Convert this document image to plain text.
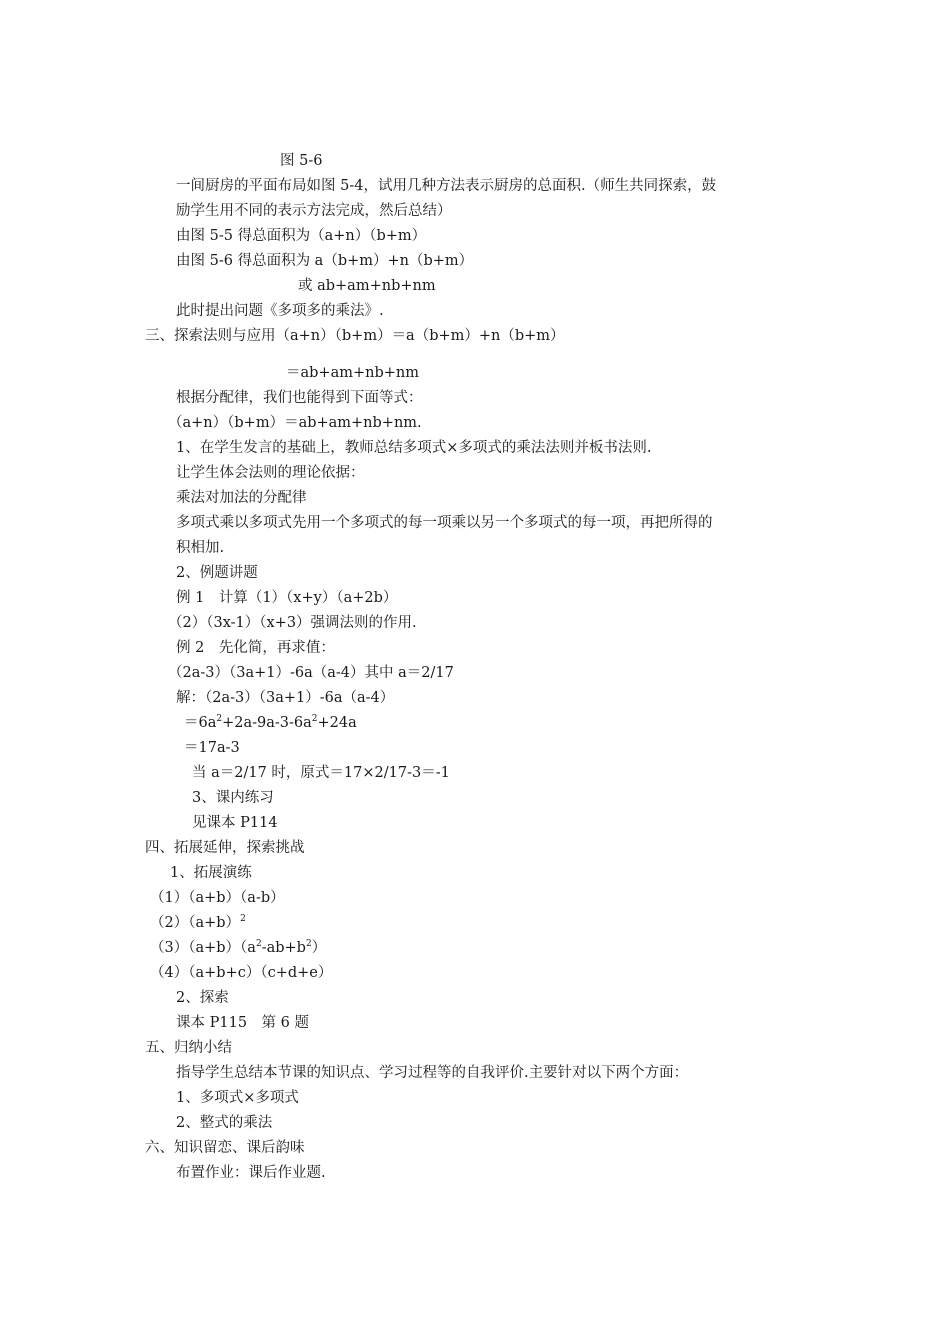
图 5-6
一间厨房的平面布局如图 5-4，试用几种方法表示厨房的总面积.（师生共同探索，鼓
励学生用不同的表示方法完成，然后总结）
由图 5-5 得总面积为（a+n）（b+m）
由图 5-6 得总面积为 a（b+m）+n（b+m）
或 ab+am+nb+nm
此时提出问题《多项多的乘法》.
三、探索法则与应用（a+n）（b+m）＝a（b+m）+n（b+m）
＝ab+am+nb+nm
根据分配律，我们也能得到下面等式：
（a+n）（b+m）＝ab+am+nb+nm.
1、在学生发言的基础上，教师总结多项式×多项式的乘法法则并板书法则.
让学生体会法则的理论依据：
乘法对加法的分配律
多项式乘以多项式先用一个多项式的每一项乘以另一个多项式的每一项，再把所得的
积相加.
2、例题讲题
例 1　计算（1）（x+y）（a+2b）
（2）（3x-1）（x+3）强调法则的作用.
例 2　先化简，再求值：
（2a-3）（3a+1）-6a（a-4）其中 a＝2/17
解：（2a-3）（3a+1）-6a（a-4）
$=6a^2+2a-9a-3-6a^2+24a$
＝17a-3
当 a＝2/17 时，原式＝17×2/17-3＝-1
3、课内练习
见课本 P114
四、拓展延伸，探索挑战
1、拓展演练
（1）（a+b）（a-b）
$(2)(a+b)^2$
$(3)(a+b)(a^2-ab+b^2)$
（4）（a+b+c）（c+d+e）
2、探索
课本 P115　第 6 题
五、归纳小结
指导学生总结本节课的知识点、学习过程等的自我评价.主要针对以下两个方面：
1、多项式×多项式
2、整式的乘法
六、知识留恋、课后韵味
布置作业：课后作业题.
